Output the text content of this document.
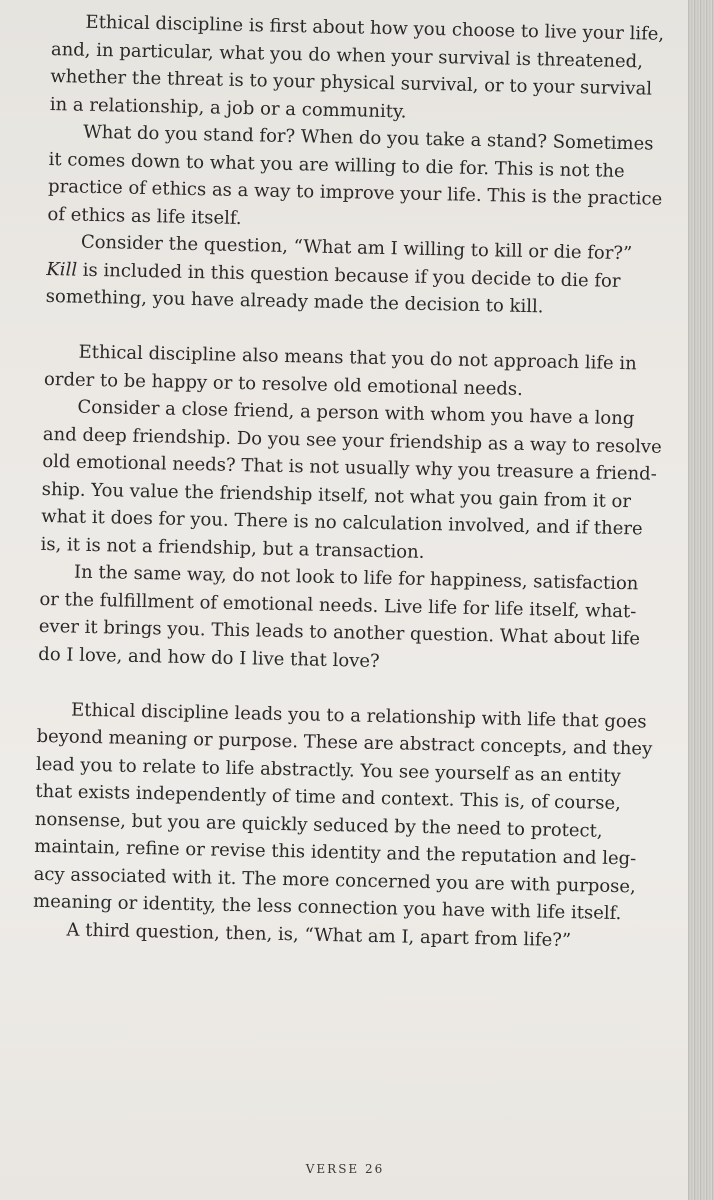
Ethical discipline is first about how you choose to live your life,
and, in particular, what you do when your survival is threatened,
whether the threat is to your physical survival, or to your survival
in a relationship, a job or a community.
What do you stand for? When do you take a stand? Sometimes
it comes down to what you are willing to die for. This is not the
practice of ethics as a way to improve your life. This is the practice
of ethics as life itself.
Consider the question, “What am I willing to kill or die for?”
Kill is included in this question because if you decide to die for
something, you have already made the decision to kill.
Ethical discipline also means that you do not approach life in
order to be happy or to resolve old emotional needs.
Consider a close friend, a person with whom you have a long
and deep friendship. Do you see your friendship as a way to resolve
old emotional needs? That is not usually why you treasure a friend-
ship. You value the friendship itself, not what you gain from it or
what it does for you. There is no calculation involved, and if there
is, it is not a friendship, but a transaction.
In the same way, do not look to life for happiness, satisfaction
or the fulfillment of emotional needs. Live life for life itself, what-
ever it brings you. This leads to another question. What about life
do I love, and how do I live that love?
Ethical discipline leads you to a relationship with life that goes
beyond meaning or purpose. These are abstract concepts, and they
lead you to relate to life abstractly. You see yourself as an entity
that exists independently of time and context. This is, of course,
nonsense, but you are quickly seduced by the need to protect,
maintain, refine or revise this identity and the reputation and leg-
acy associated with it. The more concerned you are with purpose,
meaning or identity, the less connection you have with life itself.
A third question, then, is, “What am I, apart from life?”
VERSE 26
